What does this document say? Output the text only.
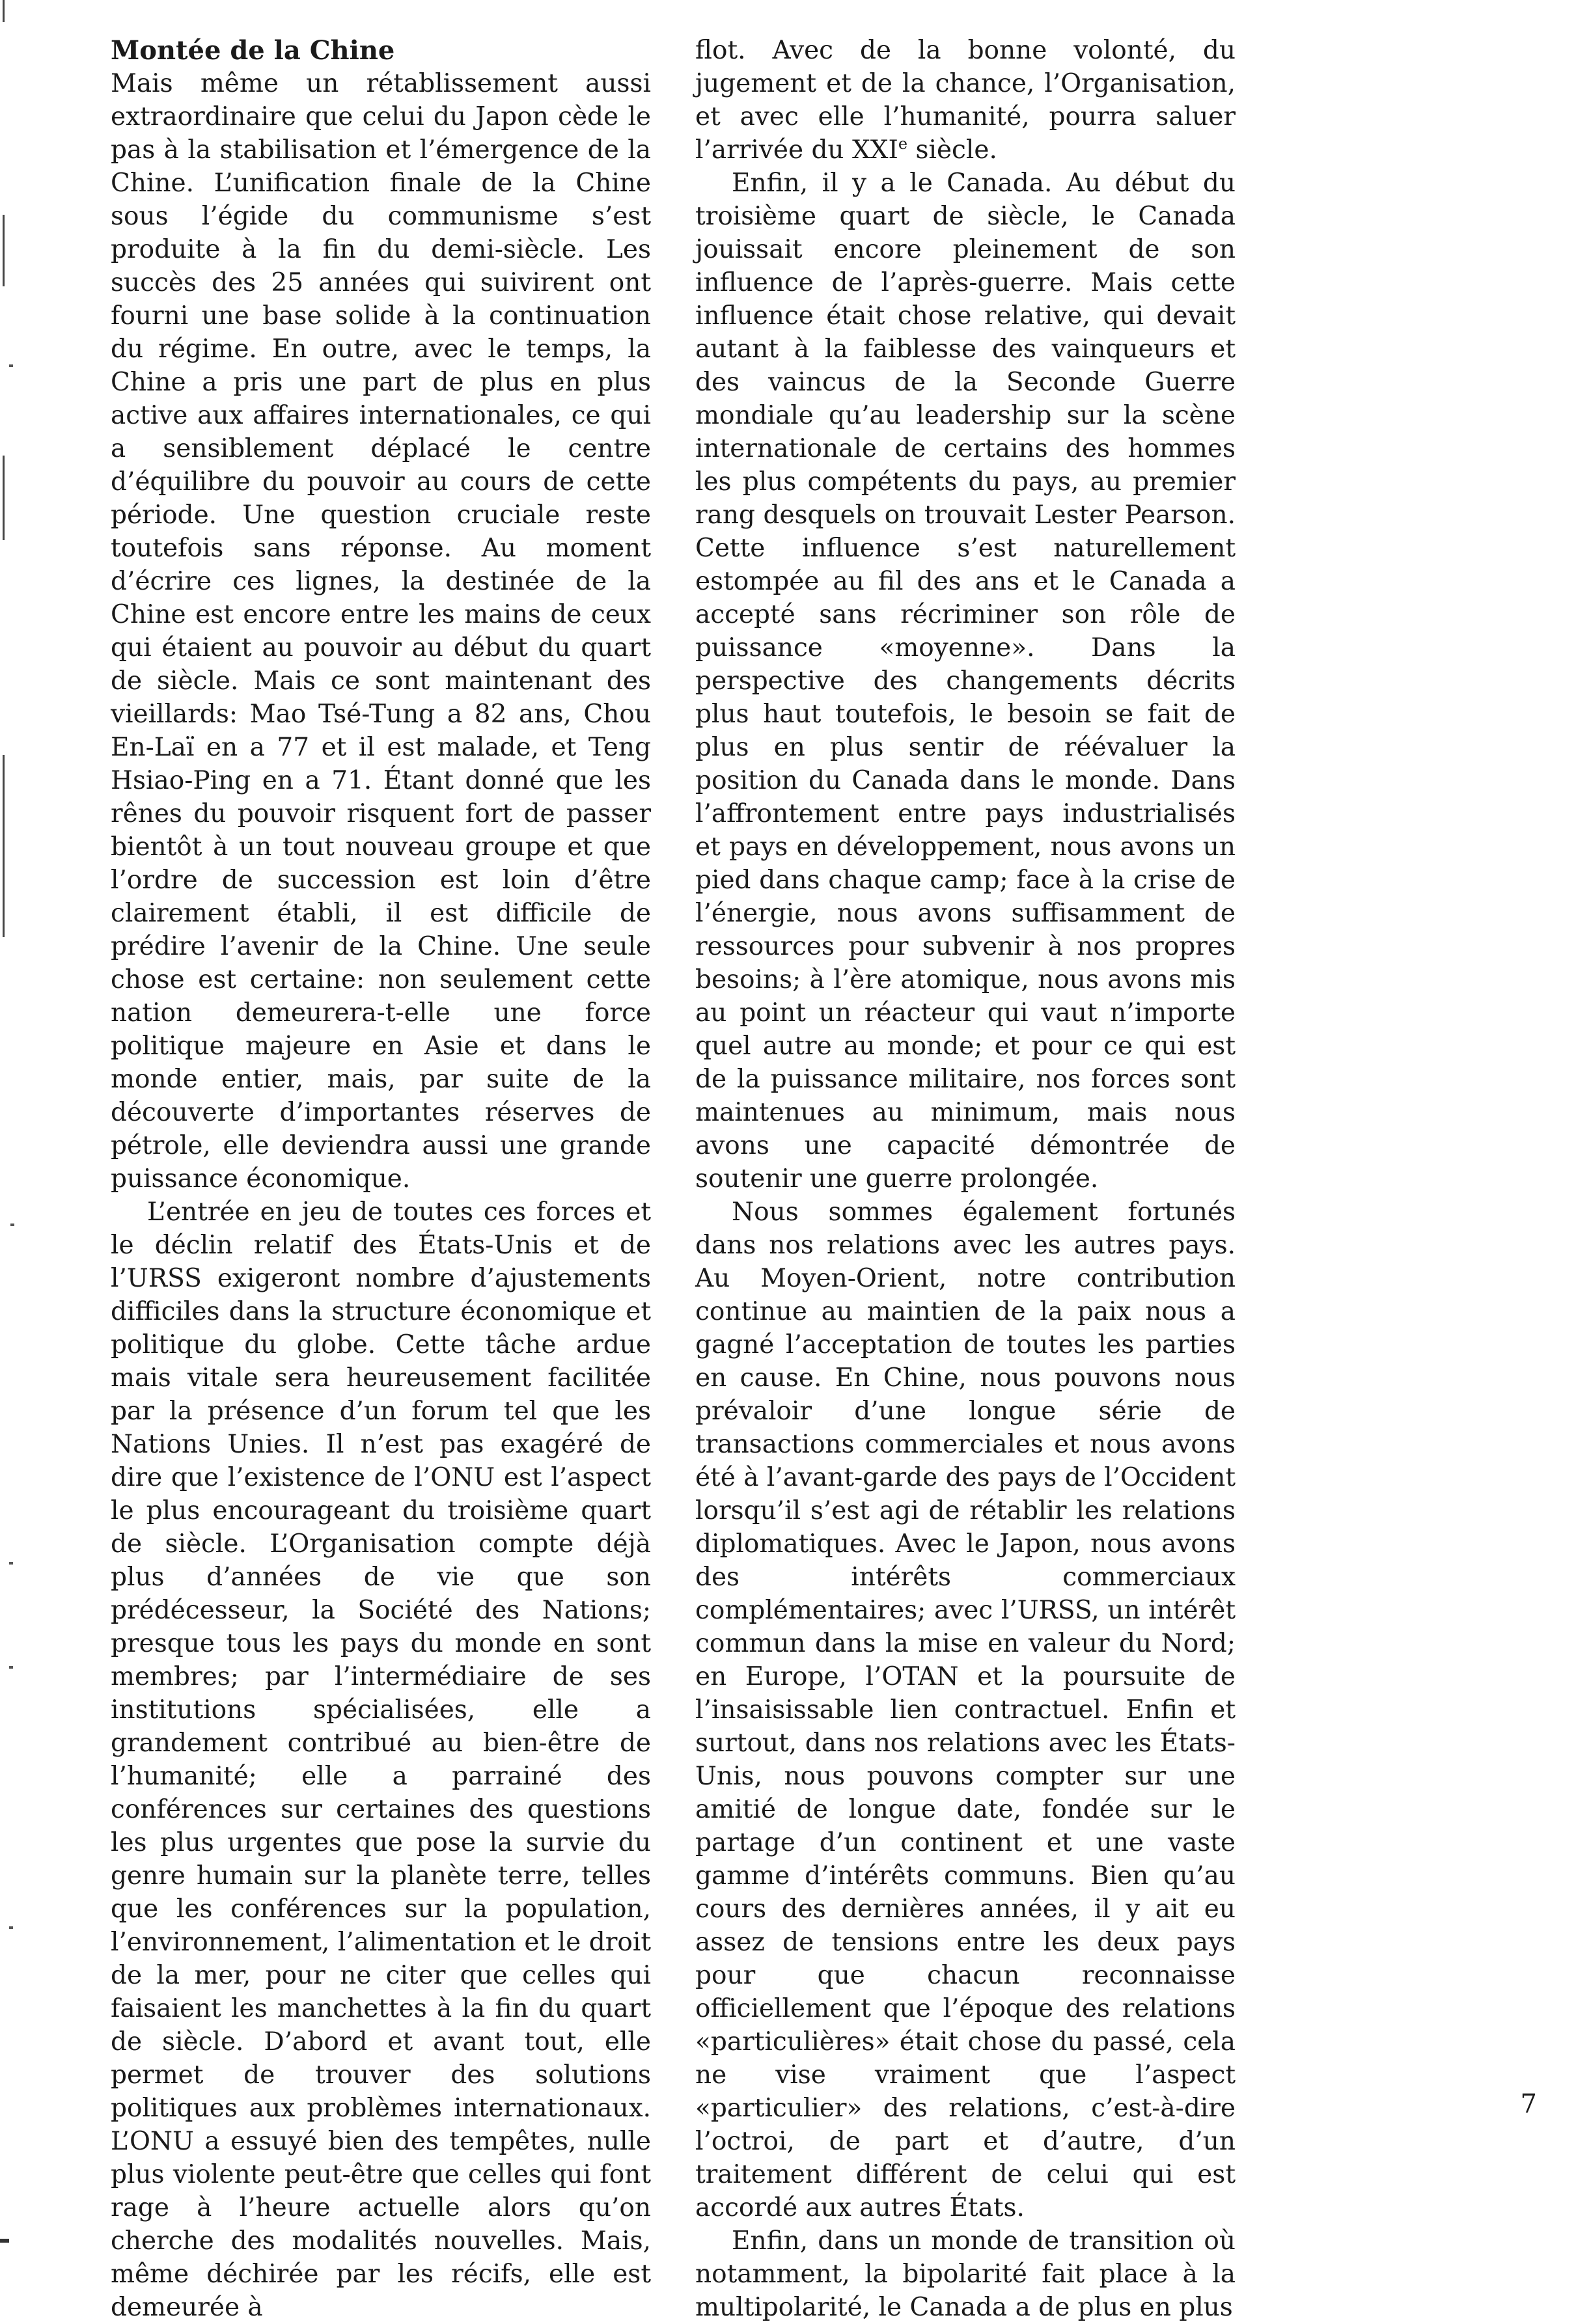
Montée de la Chine

Mais même un rétablissement aussi extraordinaire que celui du Japon cède le pas à la stabilisation et l’émergence de la Chine. L’unification finale de la Chine sous l’égide du communisme s’est produite à la fin du demi-siècle. Les succès des 25 années qui suivirent ont fourni une base solide à la continuation du régime. En outre, avec le temps, la Chine a pris une part de plus en plus active aux affaires internationales, ce qui a sensiblement déplacé le centre d’équilibre du pouvoir au cours de cette période. Une question cruciale reste toutefois sans réponse. Au moment d’écrire ces lignes, la destinée de la Chine est encore entre les mains de ceux qui étaient au pouvoir au début du quart de siècle. Mais ce sont maintenant des vieillards: Mao Tsé-Tung a 82 ans, Chou En-Laï en a 77 et il est malade, et Teng Hsiao-Ping en a 71. Étant donné que les rênes du pouvoir risquent fort de passer bientôt à un tout nouveau groupe et que l’ordre de succession est loin d’être clairement établi, il est difficile de prédire l’avenir de la Chine. Une seule chose est certaine: non seulement cette nation demeurera-t-elle une force politique majeure en Asie et dans le monde entier, mais, par suite de la découverte d’importantes réserves de pétrole, elle deviendra aussi une grande puissance économique.

L’entrée en jeu de toutes ces forces et le déclin relatif des États-Unis et de l’URSS exigeront nombre d’ajustements difficiles dans la structure économique et politique du globe. Cette tâche ardue mais vitale sera heureusement facilitée par la présence d’un forum tel que les Nations Unies. Il n’est pas exagéré de dire que l’existence de l’ONU est l’aspect le plus encourageant du troisième quart de siècle. L’Organisation compte déjà plus d’années de vie que son prédécesseur, la Société des Nations; presque tous les pays du monde en sont membres; par l’intermédiaire de ses institutions spécialisées, elle a grandement contribué au bien-être de l’humanité; elle a parrainé des conférences sur certaines des questions les plus urgentes que pose la survie du genre humain sur la planète terre, telles que les conférences sur la population, l’environnement, l’alimentation et le droit de la mer, pour ne citer que celles qui faisaient les manchettes à la fin du quart de siècle. D’abord et avant tout, elle permet de trouver des solutions politiques aux problèmes internationaux. L’ONU a essuyé bien des tempêtes, nulle plus violente peut-être que celles qui font rage à l’heure actuelle alors qu’on cherche des modalités nouvelles. Mais, même déchirée par les récifs, elle est demeurée à

flot. Avec de la bonne volonté, du jugement et de la chance, l’Organisation, et avec elle l’humanité, pourra saluer l’arrivée du XXIe siècle.

Enfin, il y a le Canada. Au début du troisième quart de siècle, le Canada jouissait encore pleinement de son influence de l’après-guerre. Mais cette influence était chose relative, qui devait autant à la faiblesse des vainqueurs et des vaincus de la Seconde Guerre mondiale qu’au leadership sur la scène internationale de certains des hommes les plus compétents du pays, au premier rang desquels on trouvait Lester Pearson. Cette influence s’est naturellement estompée au fil des ans et le Canada a accepté sans récriminer son rôle de puissance «moyenne». Dans la perspective des changements décrits plus haut toutefois, le besoin se fait de plus en plus sentir de réévaluer la position du Canada dans le monde. Dans l’affrontement entre pays industrialisés et pays en développement, nous avons un pied dans chaque camp; face à la crise de l’énergie, nous avons suffisamment de ressources pour subvenir à nos propres besoins; à l’ère atomique, nous avons mis au point un réacteur qui vaut n’importe quel autre au monde; et pour ce qui est de la puissance militaire, nos forces sont maintenues au minimum, mais nous avons une capacité démontrée de soutenir une guerre prolongée.

Nous sommes également fortunés dans nos relations avec les autres pays. Au Moyen-Orient, notre contribution continue au maintien de la paix nous a gagné l’acceptation de toutes les parties en cause. En Chine, nous pouvons nous prévaloir d’une longue série de transactions commerciales et nous avons été à l’avant-garde des pays de l’Occident lorsqu’il s’est agi de rétablir les relations diplomatiques. Avec le Japon, nous avons des intérêts commerciaux complémentaires; avec l’URSS, un intérêt commun dans la mise en valeur du Nord; en Europe, l’OTAN et la poursuite de l’insaisissable lien contractuel. Enfin et surtout, dans nos relations avec les États-Unis, nous pouvons compter sur une amitié de longue date, fondée sur le partage d’un continent et une vaste gamme d’intérêts communs. Bien qu’au cours des dernières années, il y ait eu assez de tensions entre les deux pays pour que chacun reconnaisse officiellement que l’époque des relations «particulières» était chose du passé, cela ne vise vraiment que l’aspect «particulier» des relations, c’est-à-dire l’octroi, de part et d’autre, d’un traitement différent de celui qui est accordé aux autres États.

Enfin, dans un monde de transition où notamment, la bipolarité fait place à la multipolarité, le Canada a de plus en plus

7
